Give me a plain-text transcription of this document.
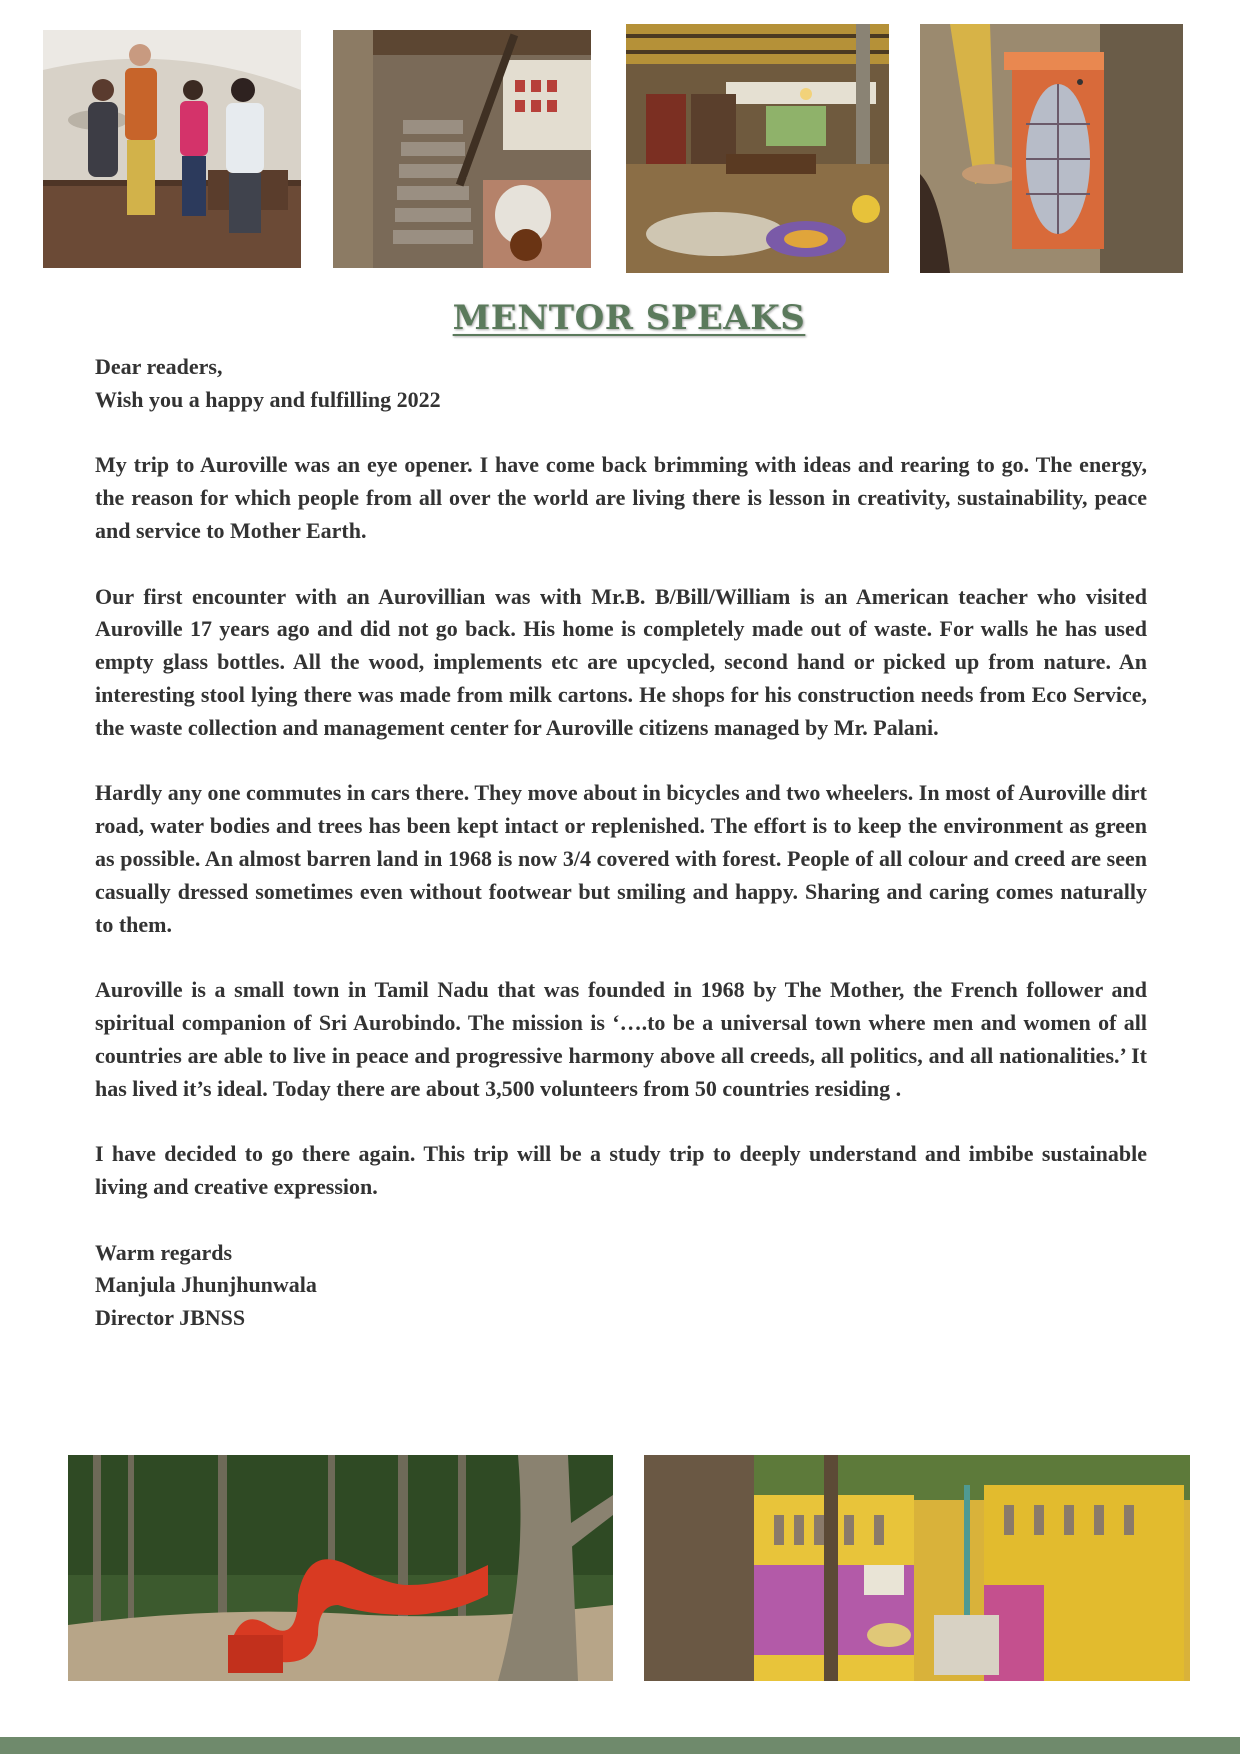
MENTOR SPEAKS

Dear readers,

Wish you a happy and fulfilling 2022

My trip to Auroville was an eye opener. I have come back brimming with ideas and rearing to go. The energy, the reason for which people from all over the world are living there is lesson in creativity, sustainability, peace and service to Mother Earth.

Our first encounter with an Aurovillian was with Mr.B. B/Bill/William is an American teacher who visited Auroville 17 years ago and did not go back. His home is completely made out of waste. For walls he has used empty glass bottles. All the wood, implements etc are upcycled, second hand or picked up from nature. An interesting stool lying there was made from milk cartons. He shops for his construction needs from Eco Service, the waste collection and management center for Auroville citizens managed by Mr. Palani.

Hardly any one commutes in cars there. They move about in bicycles and two wheelers. In most of Auroville dirt road, water bodies and trees has been kept intact or replenished. The effort is to keep the environment as green as possible. An almost barren land in 1968 is now 3/4 covered with forest. People of all colour and creed are seen casually dressed sometimes even without footwear but smiling and happy. Sharing and caring comes naturally to them.

Auroville is a small town in Tamil Nadu that was founded in 1968 by The Mother, the French follower and spiritual companion of Sri Aurobindo. The mission is ‘….to be a universal town where men and women of all countries are able to live in peace and progressive harmony above all creeds, all politics, and all nationalities.’ It has lived it’s ideal. Today there are about 3,500 volunteers from 50 countries residing .

I have decided to go there again. This trip will be a study trip to deeply understand and imbibe sustainable living and creative expression.

Warm regards

Manjula Jhunjhunwala

Director JBNSS
